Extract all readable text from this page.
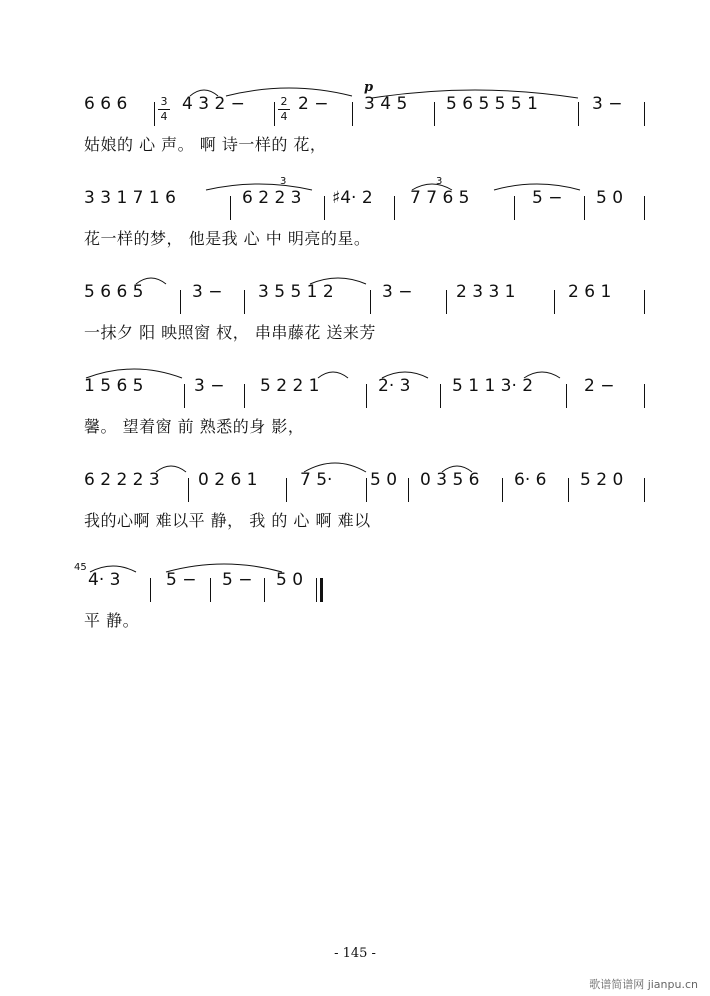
6 6 6	3
4
4 3 2 −	2
4
2 −
p
3 4 5 5 6 5 5 5 1	3 −
姑娘的 心 声。 啊 诗一样的 花，
3 3 1 7 1 6	6 2 2 3 ♯4· 2
3
3
7 7 6 5	5 − 5 0
花一样的梦， 他是我 心 中 明亮的星。
5 6 6 5	3 − 3 5 5 1 2	3 −	2 3 3 1	2 6 1
一抹夕 阳 映照窗 杈， 串串藤花 送来芳
1 5 6 5	3 − 5 2 2 1	2· 3 5 1 1 3· 2	2 −
馨。 望着窗 前 熟悉的身 影，
6 2 2 2 3 0 2 6 1	7 5· 5 0 0 3 5 6 6· 6 5 2 0
我的心啊 难以平 静， 我 的 心 啊 难以
45
4· 3	5 − 5 − 5 0
平 静。
- 145 -
歌谱简谱网 jianpu.cn
